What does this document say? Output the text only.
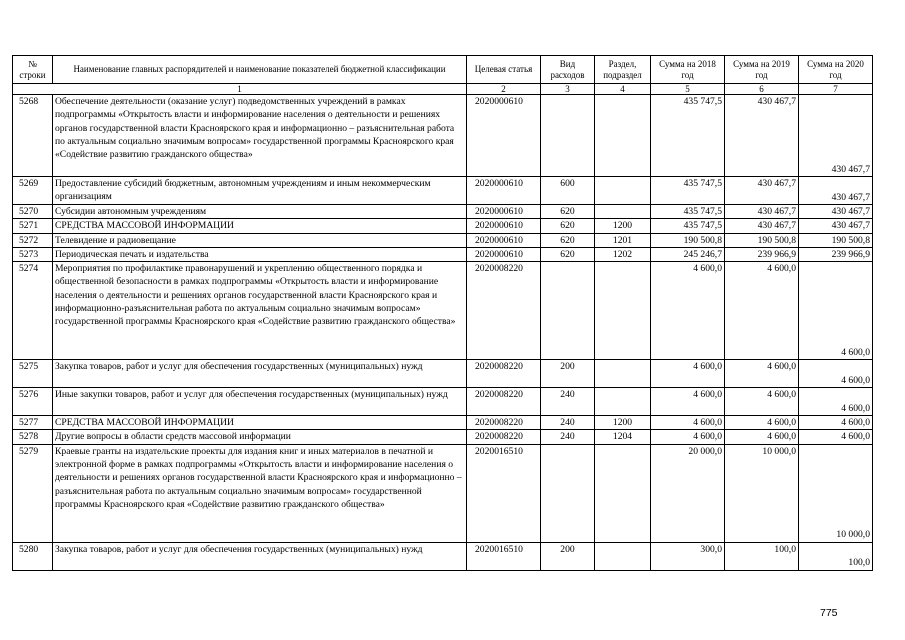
№ строки	Наименование главных распорядителей и наименование показателей бюджетной классификации	Целевая статья	Вид расходов	Раздел, подраздел	Сумма на 2018 год	Сумма на 2019 год	Сумма на 2020 год
1		2	3	4	5	6	7
5268	Обеспечение деятельности (оказание услуг) подведомственных учреждений в рамках подпрограммы «Открытость власти и информирование населения о деятельности и решениях органов государственной власти Красноярского края и информационно – разъяснительная работа по актуальным социально значимым вопросам» государственной программы Красноярского края «Содействие развитию гражданского общества»	2020000610			435 747,5	430 467,7	430 467,7
5269	Предоставление субсидий бюджетным, автономным учреждениям и иным некоммерческим организациям	2020000610	600		435 747,5	430 467,7	430 467,7
5270	Субсидии автономным учреждениям	2020000610	620		435 747,5	430 467,7	430 467,7
5271	СРЕДСТВА МАССОВОЙ ИНФОРМАЦИИ	2020000610	620	1200	435 747,5	430 467,7	430 467,7
5272	Телевидение и радиовещание	2020000610	620	1201	190 500,8	190 500,8	190 500,8
5273	Периодическая печать и издательства	2020000610	620	1202	245 246,7	239 966,9	239 966,9
5274	Мероприятия по профилактике правонарушений и укреплению общественного порядка и общественной безопасности в рамках подпрограммы «Открытость власти и информирование населения о деятельности и решениях органов государственной власти Красноярского края и информационно-разъяснительная работа по актуальным социально значимым вопросам» государственной программы Красноярского края «Содействие развитию гражданского общества»	2020008220			4 600,0	4 600,0	4 600,0
5275	Закупка товаров, работ и услуг для обеспечения государственных (муниципальных) нужд	2020008220	200		4 600,0	4 600,0	4 600,0
5276	Иные закупки товаров, работ и услуг для обеспечения государственных (муниципальных) нужд	2020008220	240		4 600,0	4 600,0	4 600,0
5277	СРЕДСТВА МАССОВОЙ ИНФОРМАЦИИ	2020008220	240	1200	4 600,0	4 600,0	4 600,0
5278	Другие вопросы в области средств массовой информации	2020008220	240	1204	4 600,0	4 600,0	4 600,0
5279	Краевые гранты на издательские проекты для издания книг и иных материалов в печатной и электронной форме в рамках подпрограммы «Открытость власти и информирование населения о деятельности и решениях органов государственной власти Красноярского края и информационно – разъяснительная работа по актуальным социально значимым вопросам» государственной программы Красноярского края «Содействие развитию гражданского общества»	2020016510			20 000,0	10 000,0	10 000,0
5280	Закупка товаров, работ и услуг для обеспечения государственных (муниципальных) нужд	2020016510	200		300,0	100,0	100,0
775
